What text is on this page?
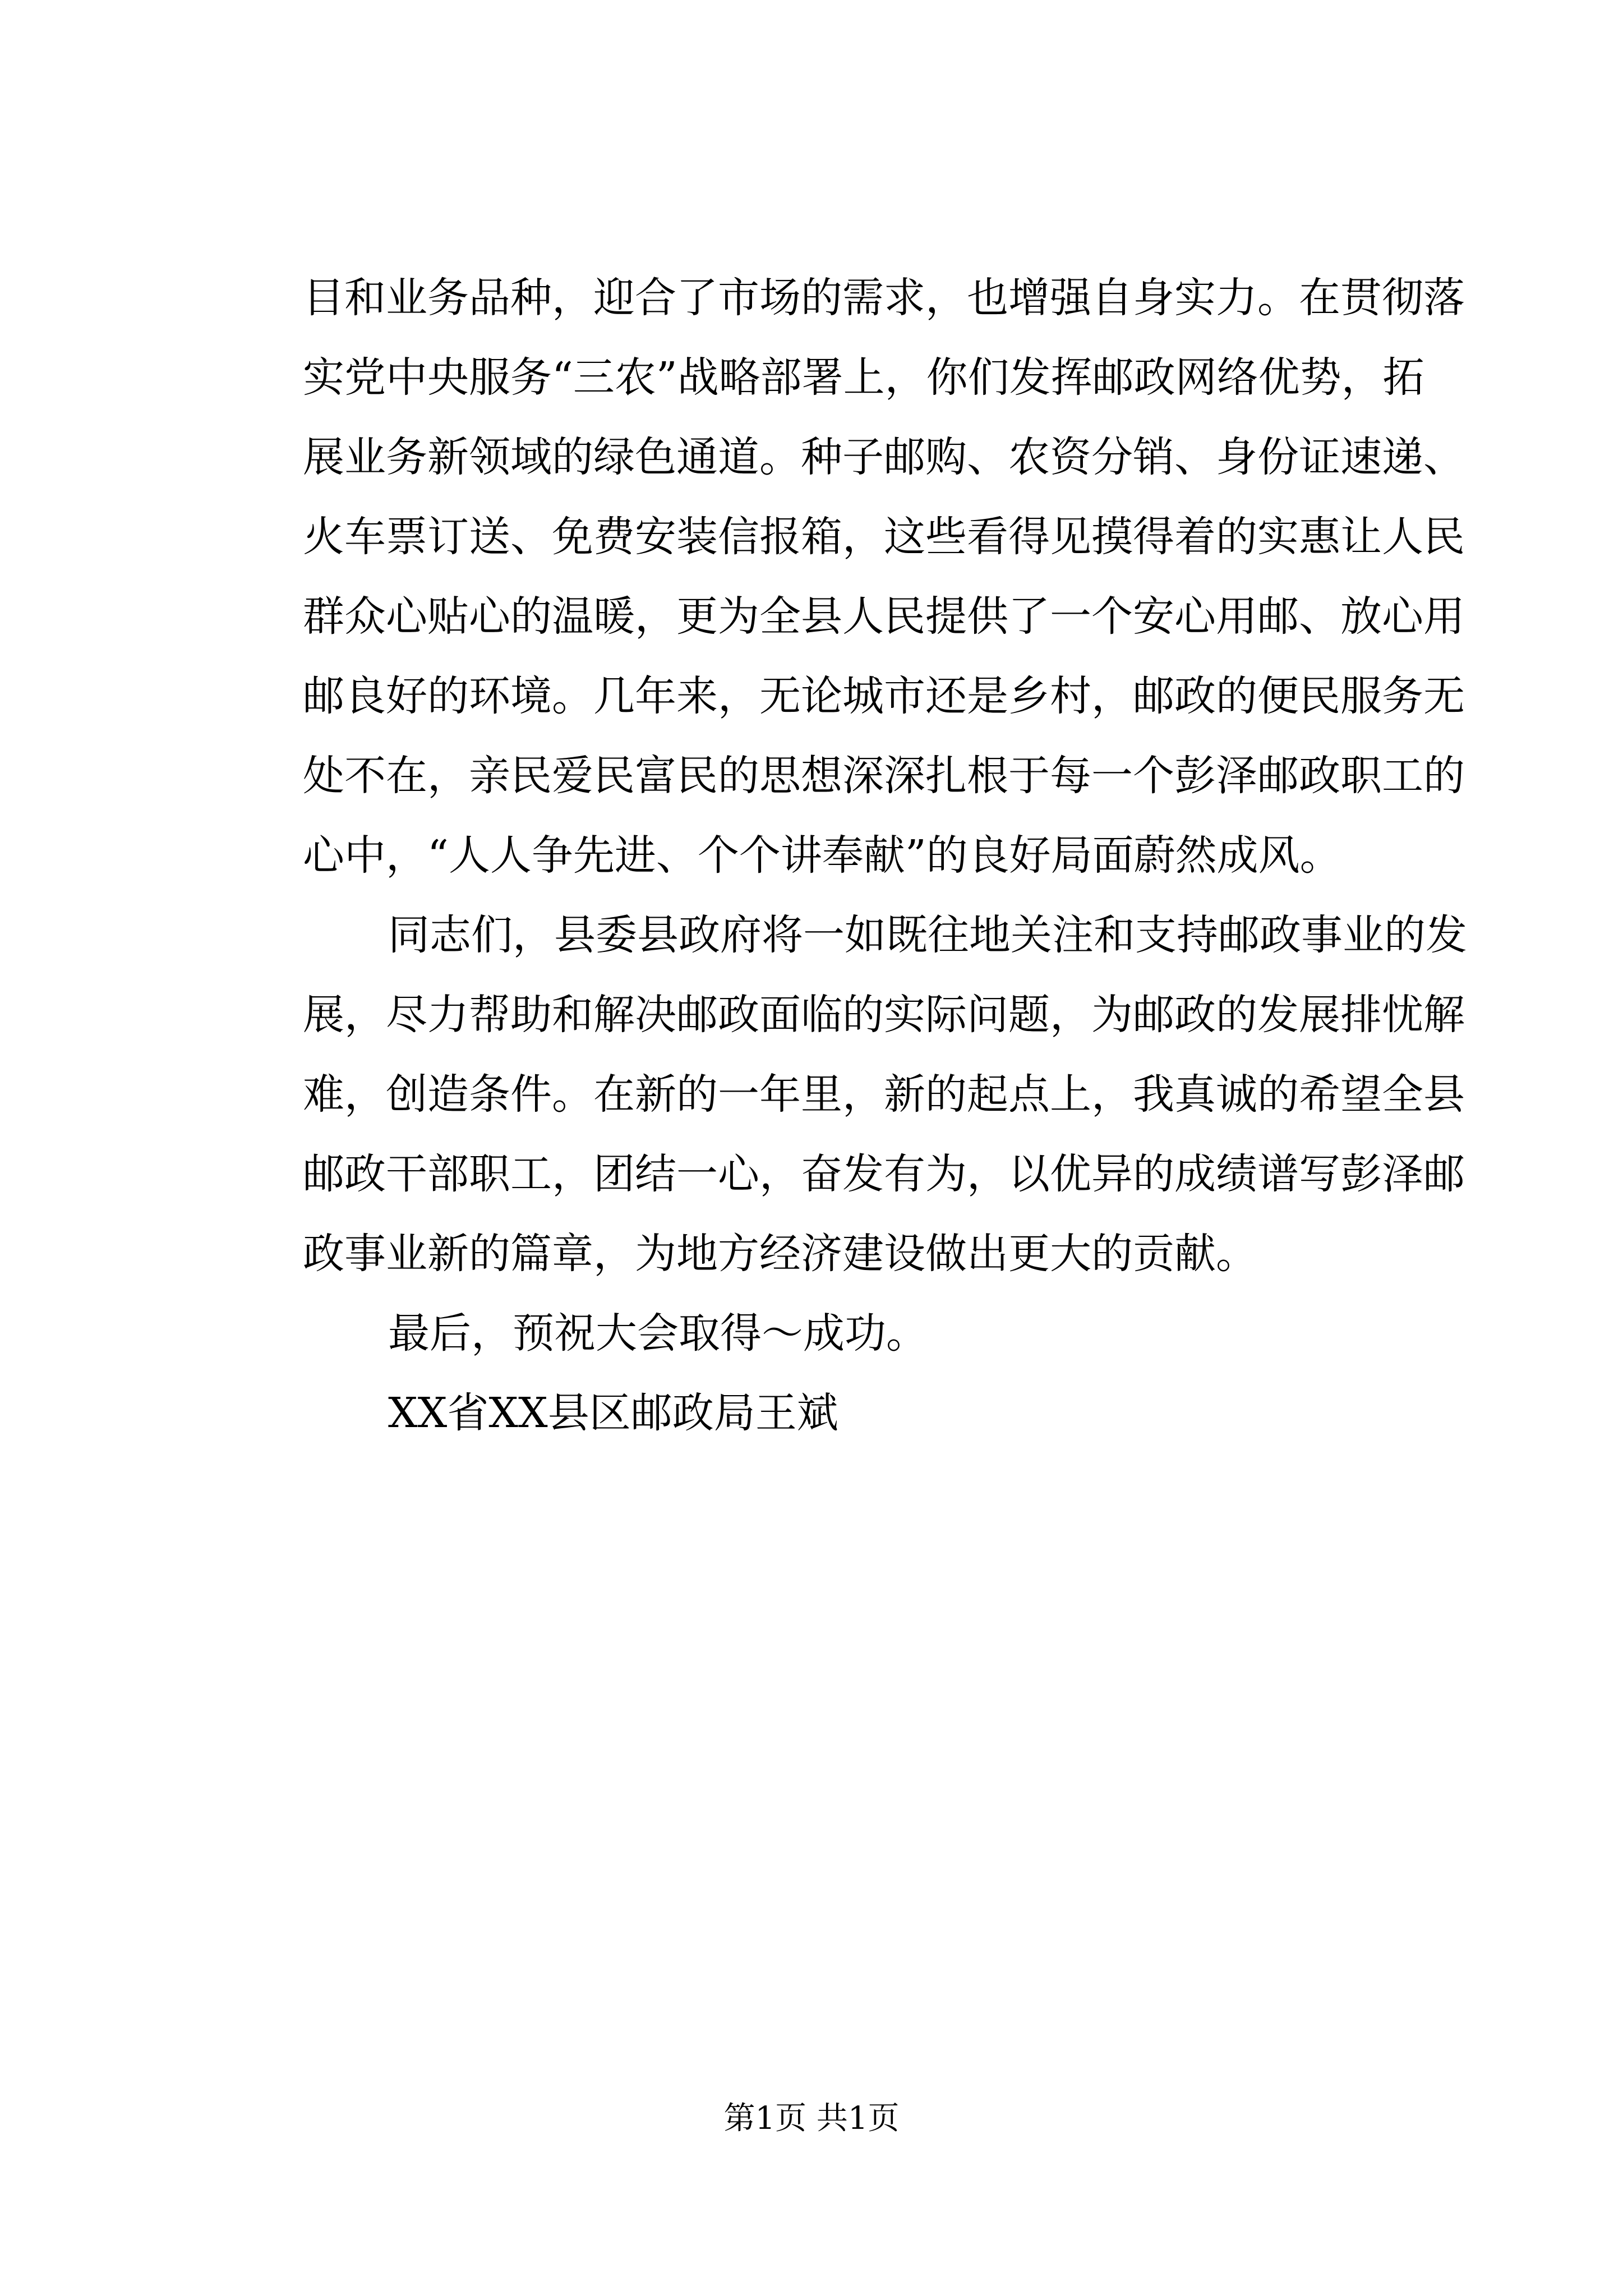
目和业务品种，迎合了市场的需求，也增强自身实力。在贯彻落
实党中央服务“三农”战略部署上，你们发挥邮政网络优势，拓
展业务新领域的绿色通道。种子邮购、农资分销、身份证速递、
火车票订送、免费安装信报箱，这些看得见摸得着的实惠让人民
群众心贴心的温暖，更为全县人民提供了一个安心用邮、放心用
邮良好的环境。几年来，无论城市还是乡村，邮政的便民服务无
处不在，亲民爱民富民的思想深深扎根于每一个彭泽邮政职工的
心中，“人人争先进、个个讲奉献”的良好局面蔚然成风。
同志们，县委县政府将一如既往地关注和支持邮政事业的发
展，尽力帮助和解决邮政面临的实际问题，为邮政的发展排忧解
难，创造条件。在新的一年里，新的起点上，我真诚的希望全县
邮政干部职工，团结一心，奋发有为，以优异的成绩谱写彭泽邮
政事业新的篇章，为地方经济建设做出更大的贡献。
最后，预祝大会取得～成功。
XX省XX县区邮政局王斌
第1页 共1页
